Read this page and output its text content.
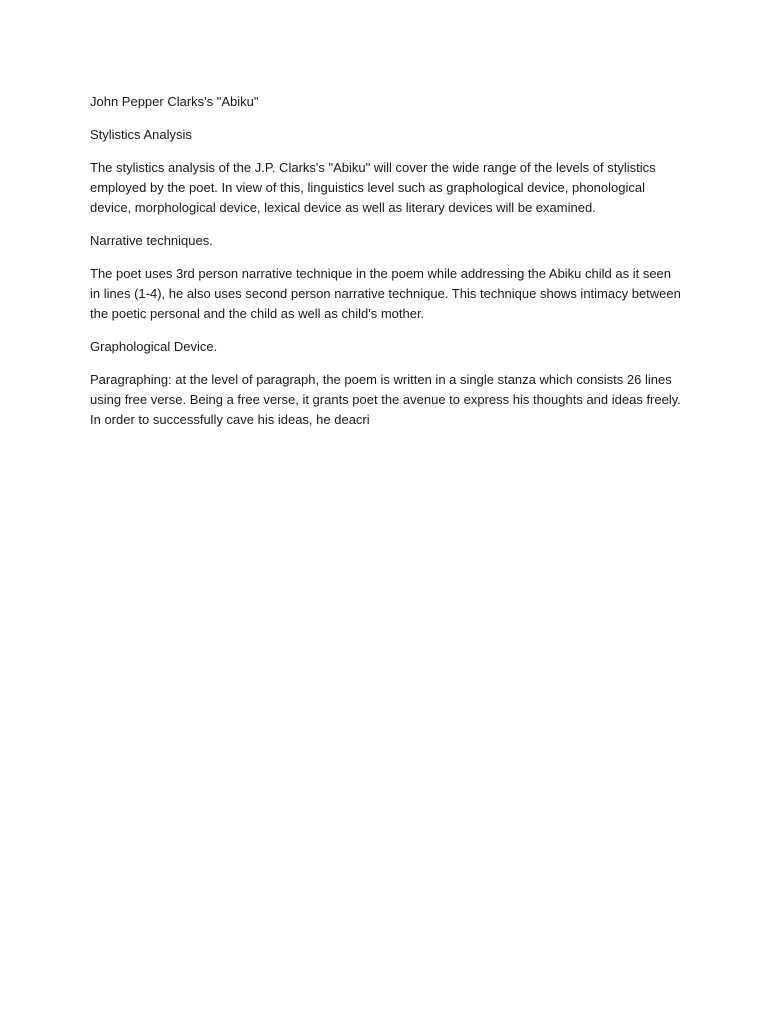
John Pepper Clarks's "Abiku"

Stylistics Analysis

The stylistics analysis of the J.P. Clarks's "Abiku" will cover the wide range of the levels of stylistics employed by the poet. In view of this, linguistics level such as graphological device, phonological device, morphological device, lexical device as well as literary devices will be examined.

Narrative techniques.

The poet uses 3rd person narrative technique in the poem while addressing the Abiku child as it seen in lines (1-4), he also uses second person narrative technique. This technique shows intimacy between the poetic personal and the child as well as child's mother.

Graphological Device.

Paragraphing: at the level of paragraph, the poem is written in a single stanza which consists 26 lines using free verse. Being a free verse, it grants poet the avenue to express his thoughts and ideas freely. In order to successfully cave his ideas, he deacri
